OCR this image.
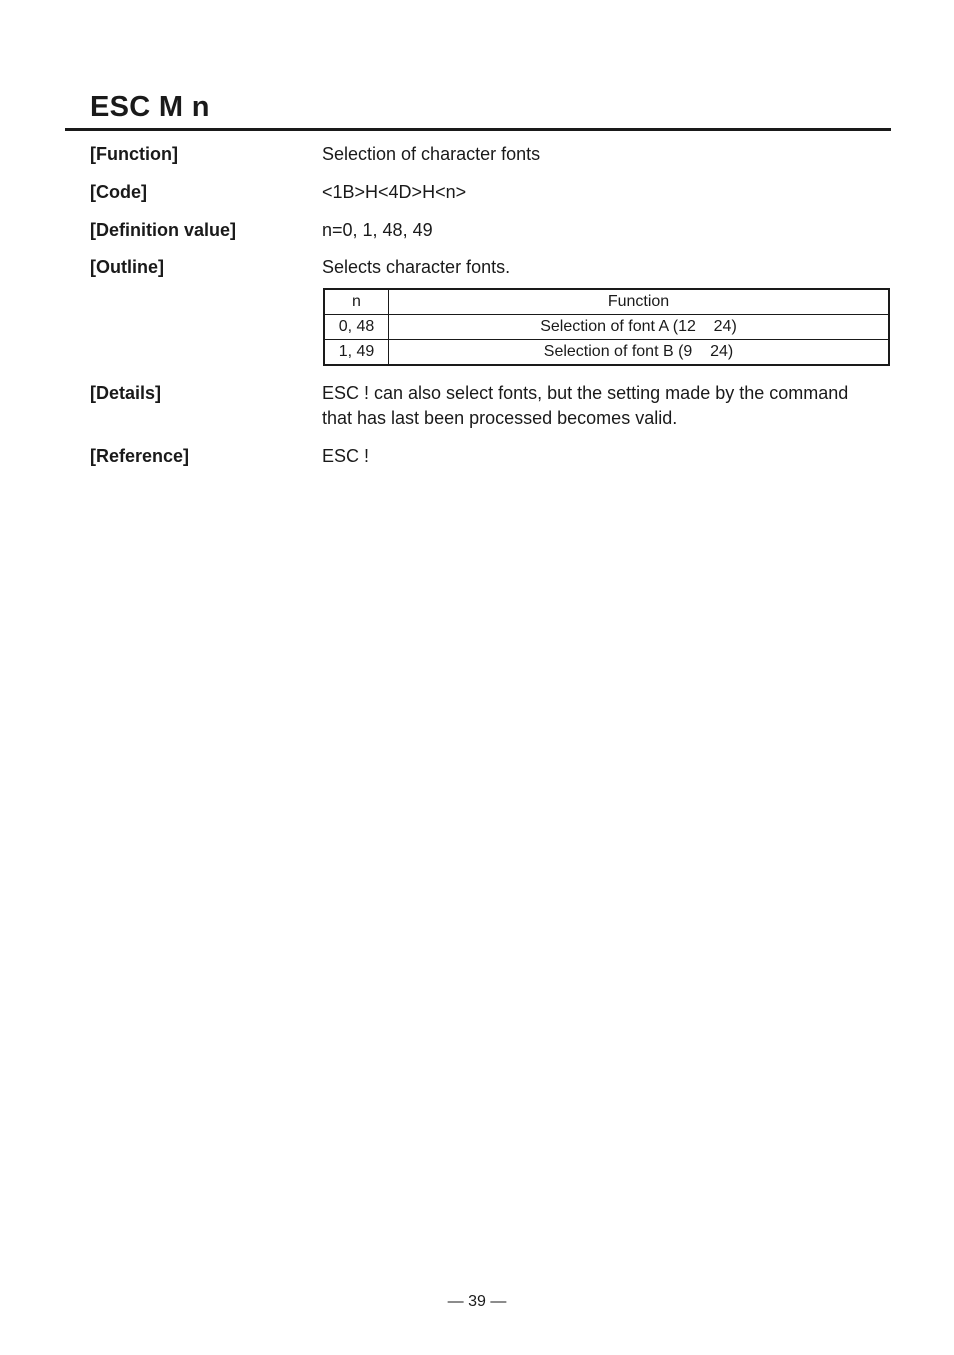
ESC M n
[Function]	Selection of character fonts
[Code]	<1B>H<4D>H<n>
[Definition value]	n=0, 1, 48, 49
[Outline]	Selects character fonts.
n	Function
0, 48	Selection of font A (12    24)
1, 49	Selection of font B (9    24)
[Details]	ESC ! can also select fonts, but the setting made by the command
that has last been processed becomes valid.
[Reference]	ESC !
— 39 —
